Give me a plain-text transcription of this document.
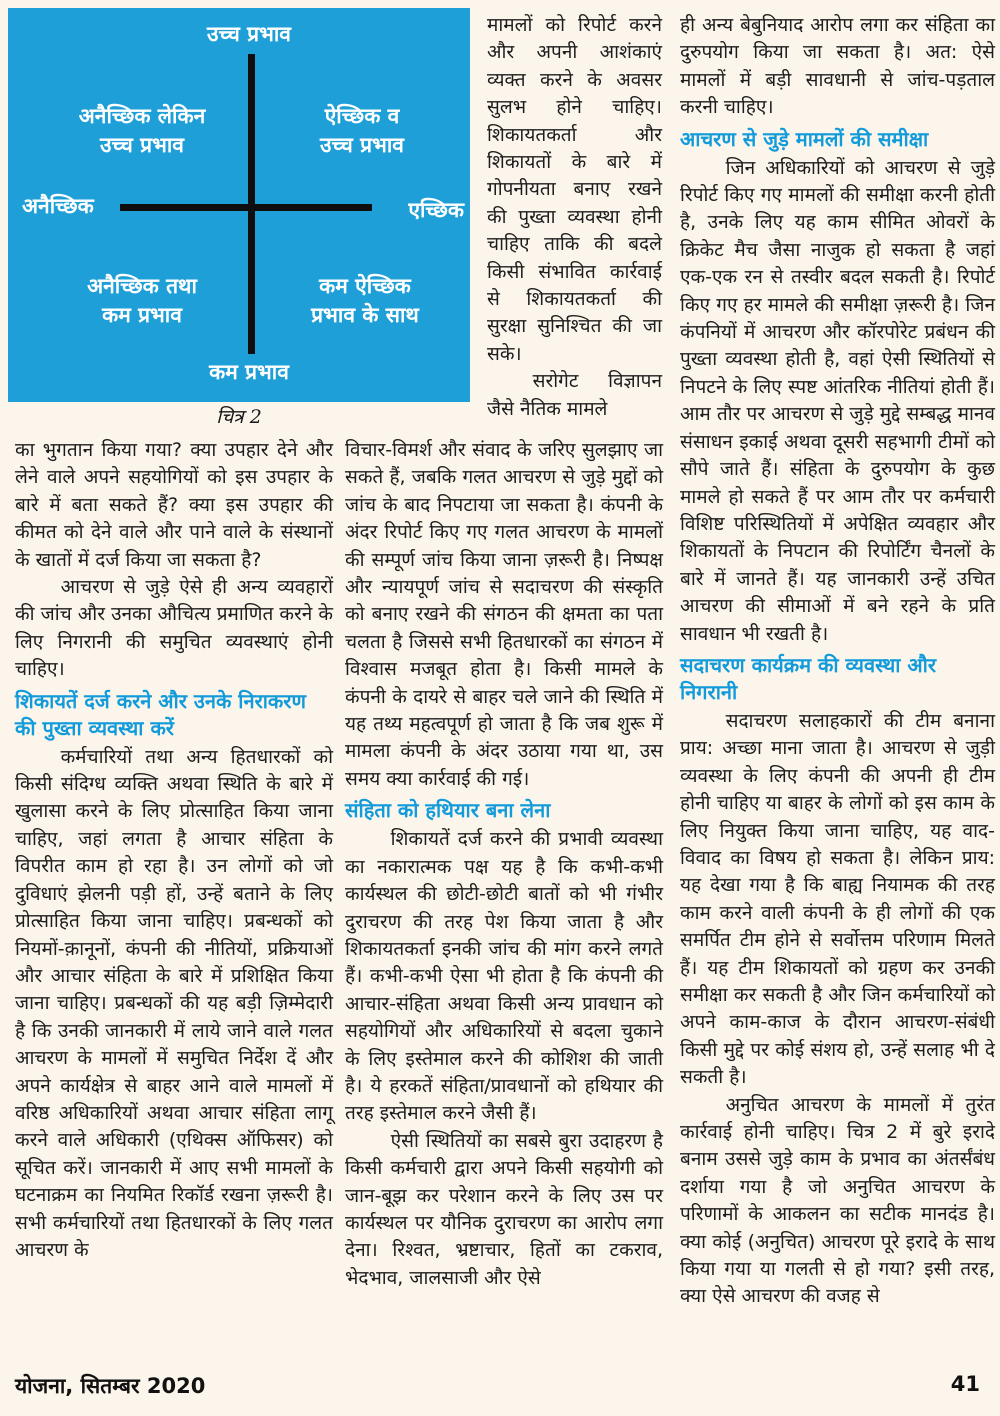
उच्च प्रभाव
अनैच्छिक	एच्छिक
अनैच्छिक लेकिन
उच्च प्रभाव
ऐच्छिक व
उच्च प्रभाव
अनैच्छिक तथा
कम प्रभाव
कम ऐच्छिक
प्रभाव के साथ
कम प्रभाव
चित्र 2

मामलों को रिपोर्ट करने और अपनी आशंकाएं व्यक्त करने के अवसर सुलभ होने चाहिए। शिकायतकर्ता और शिकायतों के बारे में गोपनीयता बनाए रखने की पुख्ता व्यवस्था होनी चाहिए ताकि की बदले किसी संभावित कार्रवाई से शिकायतकर्ता की सुरक्षा सुनिश्चित की जा सके।

सरोगेट विज्ञापन जैसे नैतिक मामले

का भुगतान किया गया? क्या उपहार देने और लेने वाले अपने सहयोगियों को इस उपहार के बारे में बता सकते हैं? क्या इस उपहार की कीमत को देने वाले और पाने वाले के संस्थानों के खातों में दर्ज किया जा सकता है?

आचरण से जुड़े ऐसे ही अन्य व्यवहारों की जांच और उनका औचित्य प्रमाणित करने के लिए निगरानी की समुचित व्यवस्थाएं होनी चाहिए।

शिकायतें दर्ज करने और उनके निराकरण की पुख्ता व्यवस्था करें

कर्मचारियों तथा अन्य हितधारकों को किसी संदिग्ध व्यक्ति अथवा स्थिति के बारे में खुलासा करने के लिए प्रोत्साहित किया जाना चाहिए, जहां लगता है आचार संहिता के विपरीत काम हो रहा है। उन लोगों को जो दुविधाएं झेलनी पड़ी हों, उन्हें बताने के लिए प्रोत्साहित किया जाना चाहिए। प्रबन्धकों को नियमों-क़ानूनों, कंपनी की नीतियों, प्रक्रियाओं और आचार संहिता के बारे में प्रशिक्षित किया जाना चाहिए। प्रबन्धकों की यह बड़ी ज़िम्मेदारी है कि उनकी जानकारी में लाये जाने वाले गलत आचरण के मामलों में समुचित निर्देश दें और अपने कार्यक्षेत्र से बाहर आने वाले मामलों में वरिष्ठ अधिकारियों अथवा आचार संहिता लागू करने वाले अधिकारी (एथिक्स ऑफिसर) को सूचित करें। जानकारी में आए सभी मामलों के घटनाक्रम का नियमित रिकॉर्ड रखना ज़रूरी है। सभी कर्मचारियों तथा हितधारकों के लिए गलत आचरण के

विचार-विमर्श और संवाद के जरिए सुलझाए जा सकते हैं, जबकि गलत आचरण से जुड़े मुद्दों को जांच के बाद निपटाया जा सकता है। कंपनी के अंदर रिपोर्ट किए गए गलत आचरण के मामलों की सम्पूर्ण जांच किया जाना ज़रूरी है। निष्पक्ष और न्यायपूर्ण जांच से सदाचरण की संस्कृति को बनाए रखने की संगठन की क्षमता का पता चलता है जिससे सभी हितधारकों का संगठन में विश्वास मजबूत होता है। किसी मामले के कंपनी के दायरे से बाहर चले जाने की स्थिति में यह तथ्य महत्वपूर्ण हो जाता है कि जब शुरू में मामला कंपनी के अंदर उठाया गया था, उस समय क्या कार्रवाई की गई।

संहिता को हथियार बना लेना

शिकायतें दर्ज करने की प्रभावी व्यवस्था का नकारात्मक पक्ष यह है कि कभी-कभी कार्यस्थल की छोटी-छोटी बातों को भी गंभीर दुराचरण की तरह पेश किया जाता है और शिकायतकर्ता इनकी जांच की मांग करने लगते हैं। कभी-कभी ऐसा भी होता है कि कंपनी की आचार-संहिता अथवा किसी अन्य प्रावधान को सहयोगियों और अधिकारियों से बदला चुकाने के लिए इस्तेमाल करने की कोशिश की जाती है। ये हरकतें संहिता/प्रावधानों को हथियार की तरह इस्तेमाल करने जैसी हैं।

ऐसी स्थितियों का सबसे बुरा उदाहरण है किसी कर्मचारी द्वारा अपने किसी सहयोगी को जान-बूझ कर परेशान करने के लिए उस पर कार्यस्थल पर यौनिक दुराचरण का आरोप लगा देना। रिश्वत, भ्रष्टाचार, हितों का टकराव, भेदभाव, जालसाजी और ऐसे

ही अन्य बेबुनियाद आरोप लगा कर संहिता का दुरुपयोग किया जा सकता है। अत: ऐसे मामलों में बड़ी सावधानी से जांच-पड़ताल करनी चाहिए।

आचरण से जुड़े मामलों की समीक्षा

जिन अधिकारियों को आचरण से जुड़े रिपोर्ट किए गए मामलों की समीक्षा करनी होती है, उनके लिए यह काम सीमित ओवरों के क्रिकेट मैच जैसा नाजुक हो सकता है जहां एक-एक रन से तस्वीर बदल सकती है। रिपोर्ट किए गए हर मामले की समीक्षा ज़रूरी है। जिन कंपनियों में आचरण और कॉरपोरेट प्रबंधन की पुख्ता व्यवस्था होती है, वहां ऐसी स्थितियों से निपटने के लिए स्पष्ट आंतरिक नीतियां होती हैं। आम तौर पर आचरण से जुड़े मुद्दे सम्बद्ध मानव संसाधन इकाई अथवा दूसरी सहभागी टीमों को सौपे जाते हैं। संहिता के दुरुपयोग के कुछ मामले हो सकते हैं पर आम तौर पर कर्मचारी विशिष्ट परिस्थितियों में अपेक्षित व्यवहार और शिकायतों के निपटान की रिपोर्टिंग चैनलों के बारे में जानते हैं। यह जानकारी उन्हें उचित आचरण की सीमाओं में बने रहने के प्रति सावधान भी रखती है।

सदाचरण कार्यक्रम की व्यवस्था और निगरानी

सदाचरण सलाहकारों की टीम बनाना प्राय: अच्छा माना जाता है। आचरण से जुड़ी व्यवस्था के लिए कंपनी की अपनी ही टीम होनी चाहिए या बाहर के लोगों को इस काम के लिए नियुक्त किया जाना चाहिए, यह वाद-विवाद का विषय हो सकता है। लेकिन प्राय: यह देखा गया है कि बाह्य नियामक की तरह काम करने वाली कंपनी के ही लोगों की एक समर्पित टीम होने से सर्वोत्तम परिणाम मिलते हैं। यह टीम शिकायतों को ग्रहण कर उनकी समीक्षा कर सकती है और जिन कर्मचारियों को अपने काम-काज के दौरान आचरण-संबंधी किसी मुद्दे पर कोई संशय हो, उन्हें सलाह भी दे सकती है।

अनुचित आचरण के मामलों में तुरंत कार्रवाई होनी चाहिए। चित्र 2 में बुरे इरादे बनाम उससे जुड़े काम के प्रभाव का अंतर्संबंध दर्शाया गया है जो अनुचित आचरण के परिणामों के आकलन का सटीक मानदंड है। क्या कोई (अनुचित) आचरण पूरे इरादे के साथ किया गया या गलती से हो गया? इसी तरह, क्या ऐसे आचरण की वजह से

योजना, सितम्बर 2020	41
